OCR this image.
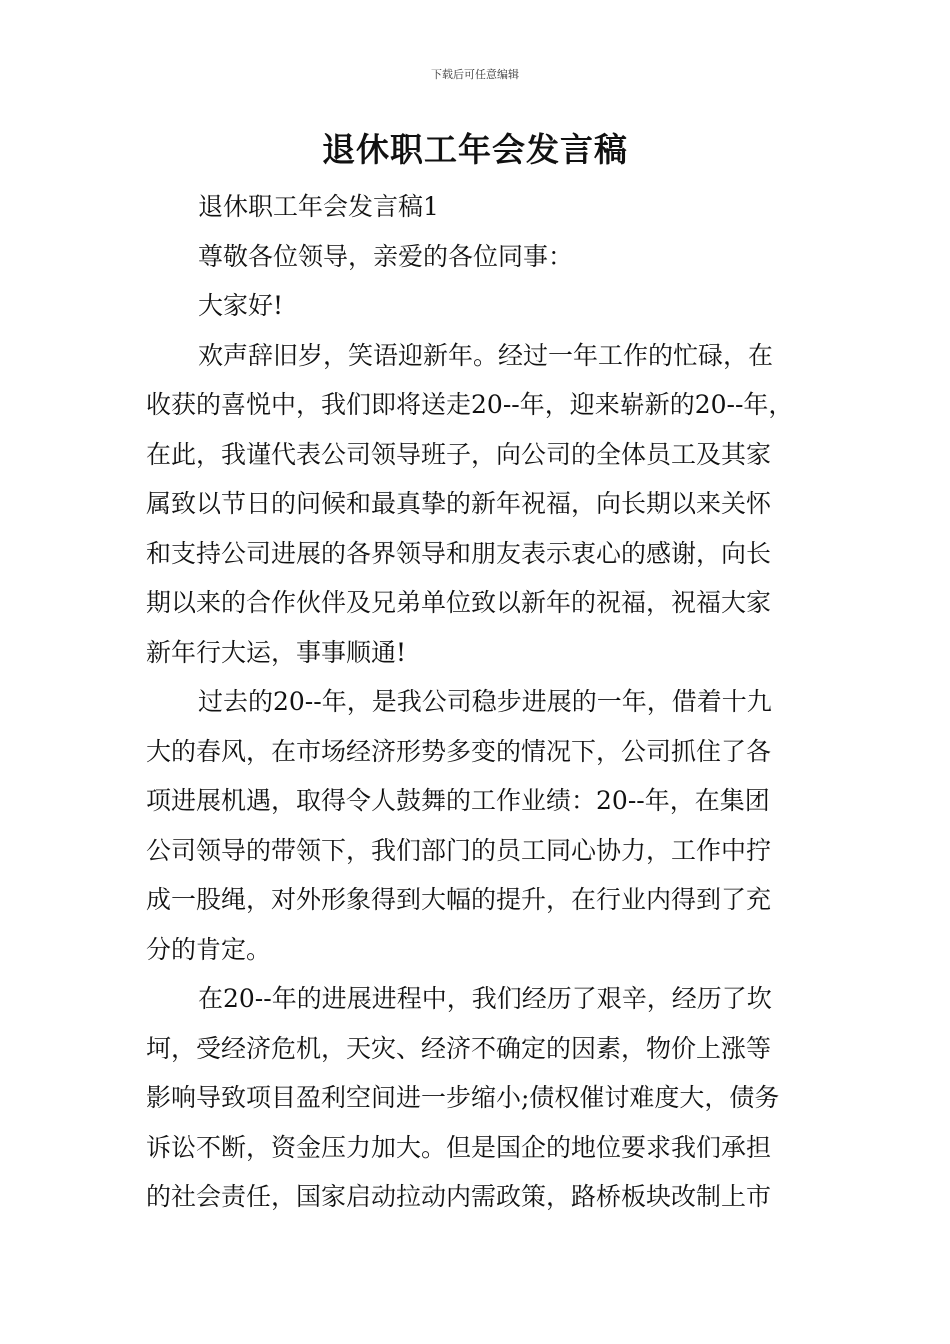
下载后可任意编辑
退休职工年会发言稿
退休职工年会发言稿1
尊敬各位领导，亲爱的各位同事：
大家好!
欢声辞旧岁，笑语迎新年。经过一年工作的忙碌，在
收获的喜悦中，我们即将送走20--年，迎来崭新的20--年，
在此，我谨代表公司领导班子，向公司的全体员工及其家
属致以节日的问候和最真挚的新年祝福，向长期以来关怀
和支持公司进展的各界领导和朋友表示衷心的感谢，向长
期以来的合作伙伴及兄弟单位致以新年的祝福，祝福大家
新年行大运，事事顺通!
过去的20--年，是我公司稳步进展的一年，借着十九
大的春风，在市场经济形势多变的情况下，公司抓住了各
项进展机遇，取得令人鼓舞的工作业绩：20--年，在集团
公司领导的带领下，我们部门的员工同心协力，工作中拧
成一股绳，对外形象得到大幅的提升，在行业内得到了充
分的肯定。
在20--年的进展进程中，我们经历了艰辛，经历了坎
坷，受经济危机，天灾、经济不确定的因素，物价上涨等
影响导致项目盈利空间进一步缩小;债权催讨难度大，债务
诉讼不断，资金压力加大。但是国企的地位要求我们承担
的社会责任，国家启动拉动内需政策，路桥板块改制上市
